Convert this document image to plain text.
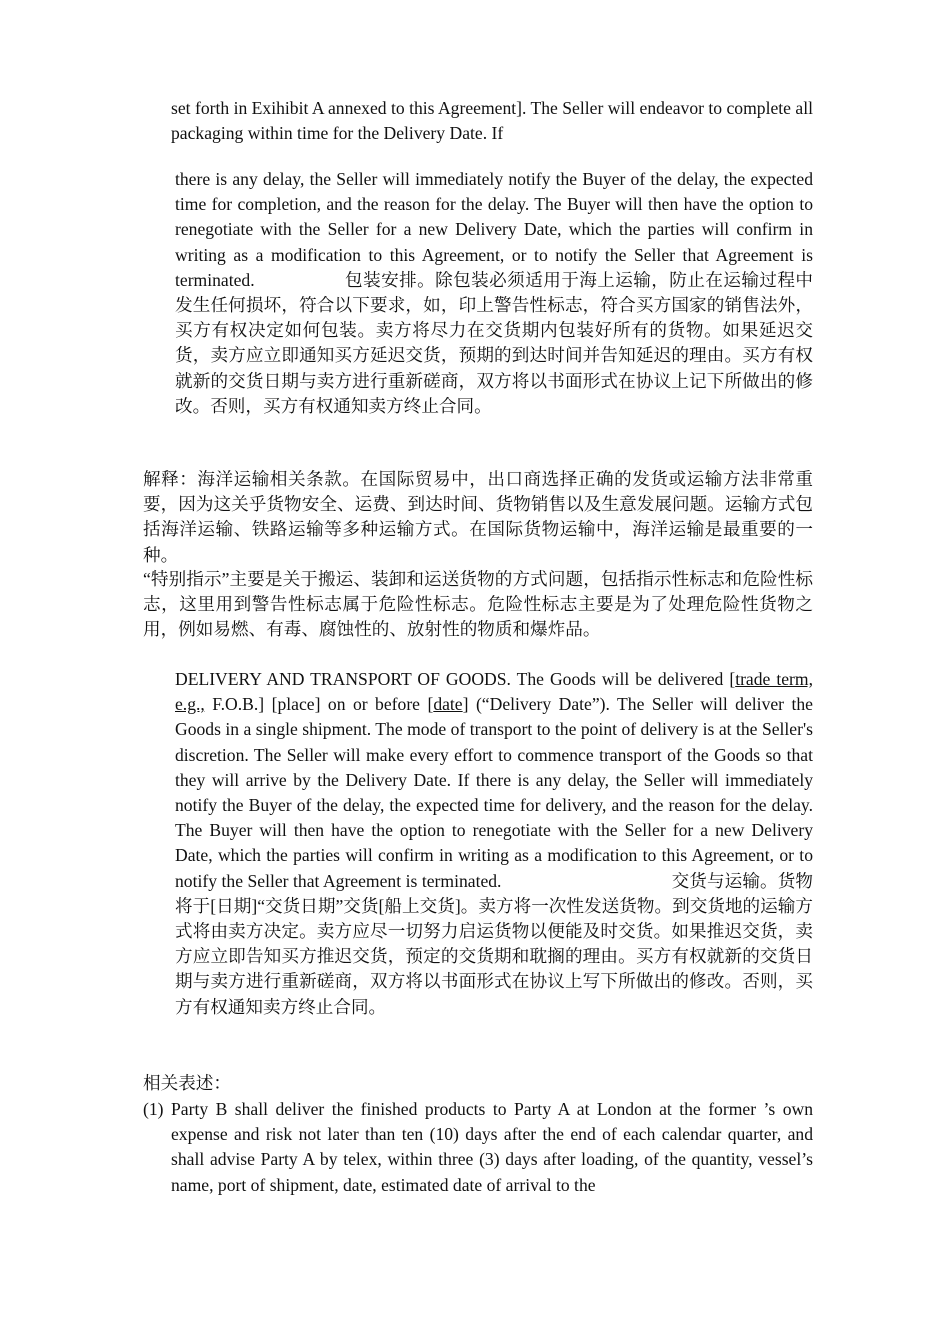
set forth in Exihibit A annexed to this Agreement]. The Seller will endeavor to complete all packaging within time for the Delivery Date. If

there is any delay, the Seller will immediately notify the Buyer of the delay, the expected time for completion, and the reason for the delay. The Buyer will then have the option to renegotiate with the Seller for a new Delivery Date, which the parties will confirm in writing as a modification to this Agreement, or to notify the Seller that Agreement is terminated.	包装安排。除包装必须适用于海上运输，防止在运输过程中发生任何损坏，符合以下要求，如，印上警告性标志，符合买方国家的销售法外，买方有权决定如何包装。卖方将尽力在交货期内包装好所有的货物。如果延迟交货，卖方应立即通知买方延迟交货，预期的到达时间并告知延迟的理由。买方有权就新的交货日期与卖方进行重新磋商，双方将以书面形式在协议上记下所做出的修改。否则，买方有权通知卖方终止合同。

解释：海洋运输相关条款。在国际贸易中，出口商选择正确的发货或运输方法非常重要，因为这关乎货物安全、运费、到达时间、货物销售以及生意发展问题。运输方式包括海洋运输、铁路运输等多种运输方式。在国际货物运输中，海洋运输是最重要的一种。

“特别指示”主要是关于搬运、装卸和运送货物的方式问题，包括指示性标志和危险性标志，这里用到警告性标志属于危险性标志。危险性标志主要是为了处理危险性货物之用，例如易燃、有毒、腐蚀性的、放射性的物质和爆炸品。

DELIVERY AND TRANSPORT OF GOODS. The Goods will be delivered [trade term, e.g., F.O.B.] [place] on or before [date] (“Delivery Date”). The Seller will deliver the Goods in a single shipment. The mode of transport to the point of delivery is at the Seller's discretion. The Seller will make every effort to commence transport of the Goods so that they will arrive by the Delivery Date. If there is any delay, the Seller will immediately notify the Buyer of the delay, the expected time for delivery, and the reason for the delay. The Buyer will then have the option to renegotiate with the Seller for a new Delivery Date, which the parties will confirm in writing as a modification to this Agreement, or to notify the Seller that Agreement is terminated.	交货与运输。货物将于[日期]“交货日期”交货[船上交货]。卖方将一次性发送货物。到交货地的运输方式将由卖方决定。卖方应尽一切努力启运货物以便能及时交货。如果推迟交货，卖方应立即告知买方推迟交货，预定的交货期和耽搁的理由。买方有权就新的交货日期与卖方进行重新磋商，双方将以书面形式在协议上写下所做出的修改。否则，买方有权通知卖方终止合同。

相关表述：

(1) Party B shall deliver the finished products to Party A at London at the former ’s own expense and risk not later than ten (10) days after the end of each calendar quarter, and shall advise Party A by telex, within three (3) days after loading, of the quantity, vessel’s name, port of shipment, date, estimated date of arrival to the
